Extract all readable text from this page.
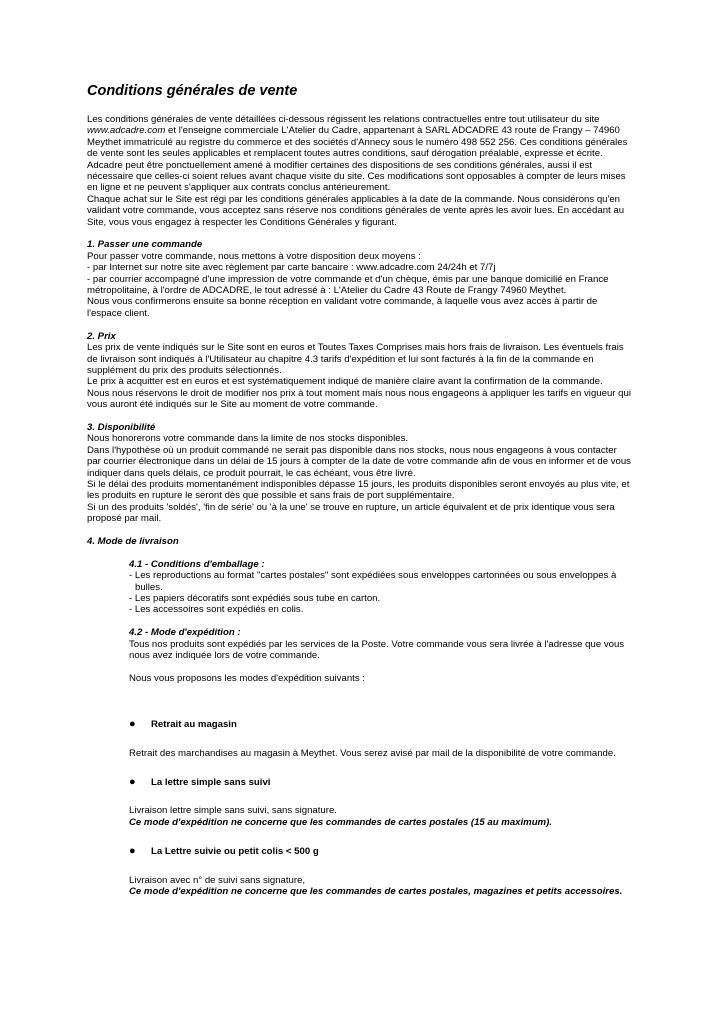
Conditions générales de vente
Les conditions générales de vente détaillées ci-dessous régissent les relations contractuelles entre tout utilisateur du site
www.adcadre.com et l'enseigne commerciale L'Atelier du Cadre, appartenant à SARL ADCADRE 43 route de Frangy – 74960
Meythet immatriculé au registre du commerce et des sociétés d'Annecy sous le numéro 498 552 256. Ces conditions générales
de vente sont les seules applicables et remplacent toutes autres conditions, sauf dérogation préalable, expresse et écrite.
Adcadre peut être ponctuellement amené à modifier certaines des dispositions de ses conditions générales, aussi il est
nécessaire que celles-ci soient relues avant chaque visite du site. Ces modifications sont opposables à compter de leurs mises
en ligne et ne peuvent s'appliquer aux contrats conclus antérieurement.
Chaque achat sur le Site est régi par les conditions générales applicables à la date de la commande. Nous considérons qu'en
validant votre commande, vous acceptez sans réserve nos conditions générales de vente après les avoir lues. En accédant au
Site, vous vous engagez à respecter les Conditions Générales y figurant.
1. Passer une commande
Pour passer votre commande, nous mettons à votre disposition deux moyens :
- par Internet sur notre site avec règlement par carte bancaire : www.adcadre.com 24/24h et 7/7j
- par courrier accompagné d'une impression de votre commande et d'un chèque, émis par une banque domicilié en France
métropolitaine, à l'ordre de ADCADRE, le tout adressé à : L'Atelier du Cadre 43 Route de Frangy 74960 Meythet.
Nous vous confirmerons ensuite sa bonne réception en validant votre commande, à laquelle vous avez accès à partir de
l'espace client.
2. Prix
Les prix de vente indiqués sur le Site sont en euros et Toutes Taxes Comprises mais hors frais de livraison. Les éventuels frais
de livraison sont indiqués à l'Utilisateur au chapitre 4.3 tarifs d'expédition et lui sont facturés à la fin de la commande en
supplément du prix des produits sélectionnés.
Le prix à acquitter est en euros et est systématiquement indiqué de manière claire avant la confirmation de la commande.
Nous nous réservons le droit de modifier nos prix à tout moment mais nous nous engageons à appliquer les tarifs en vigueur qui
vous auront été indiqués sur le Site au moment de votre commande.
3. Disponibilité
Nous honorerons votre commande dans la limite de nos stocks disponibles.
Dans l'hypothèse où un produit commandé ne serait pas disponible dans nos stocks, nous nous engageons à vous contacter
par courrier électronique dans un délai de 15 jours à compter de la date de votre commande afin de vous en informer et de vous
indiquer dans quels délais, ce produit pourrait, le cas échéant, vous être livré.
Si le délai des produits momentanément indisponibles dépasse 15 jours, les produits disponibles seront envoyés au plus vite, et
les produits en rupture le seront dès que possible et sans frais de port supplémentaire.
Si un des produits 'soldés', 'fin de série' ou 'à la une' se trouve en rupture, un article équivalent et de prix identique vous sera
proposé par mail.
4. Mode de livraison
4.1 - Conditions d'emballage :
- Les reproductions au format "cartes postales" sont expédiées sous enveloppes cartonnées ou sous enveloppes à
bulles.
- Les papiers décoratifs sont expédiés sous tube en carton.
- Les accessoires sont expédiés en colis.
4.2 - Mode d'expédition :
Tous nos produits sont expédiés par les services de la Poste. Votre commande vous sera livrée à l'adresse que vous
nous avez indiquée lors de votre commande.
Nous vous proposons les modes d'expédition suivants :
● Retrait au magasin
Retrait des marchandises au magasin à Meythet. Vous serez avisé par mail de la disponibilité de votre commande.
● La lettre simple sans suivi
Livraison lettre simple sans suivi, sans signature.
Ce mode d'expédition ne concerne que les commandes de cartes postales (15 au maximum).
● La Lettre suivie ou petit colis < 500 g
Livraison avec n° de suivi sans signature,
Ce mode d'expédition ne concerne que les commandes de cartes postales, magazines et petits accessoires.
